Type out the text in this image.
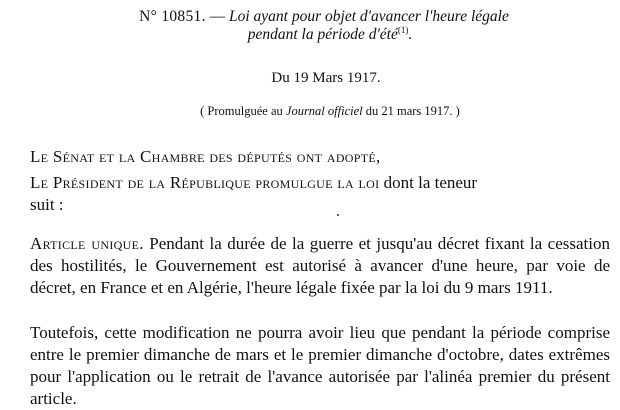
N° 10851. — Loi ayant pour objet d'avancer l'heure légale
pendant la période d'été$^{(1)}$.
Du 19 Mars 1917.
( Promulguée au Journal officiel du 21 mars 1917. )
Le Sénat et la Chambre des députés ont adopté,
Le Président de la République promulgue la loi dont la teneur
suit :
Article unique. Pendant la durée de la guerre et jusqu'au décret fixant la cessation des hostilités, le Gouvernement est autorisé à avancer d'une heure, par voie de décret, en France et en Algérie, l'heure légale fixée par la loi du 9 mars 1911.
Toutefois, cette modification ne pourra avoir lieu que pendant la période comprise entre le premier dimanche de mars et le premier dimanche d'octobre, dates extrêmes pour l'application ou le retrait de l'avance autorisée par l'alinéa premier du présent article.
